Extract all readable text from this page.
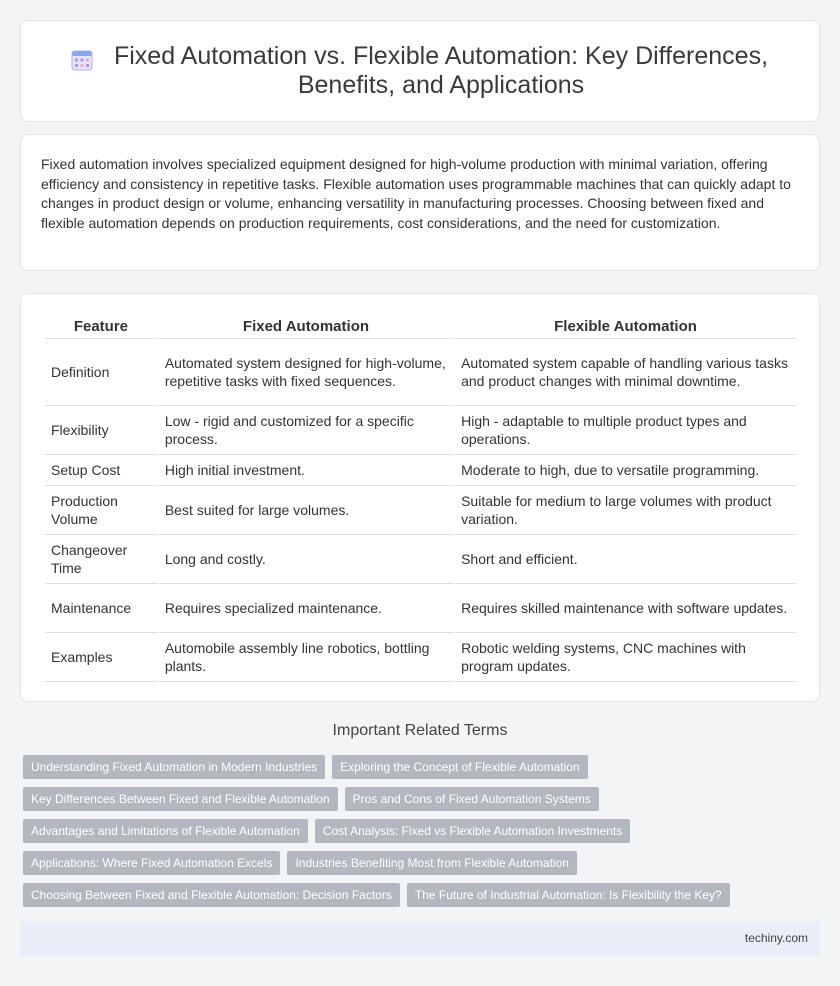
Fixed Automation vs. Flexible Automation: Key Differences, Benefits, and Applications

Fixed automation involves specialized equipment designed for high-volume production with minimal variation, offering efficiency and consistency in repetitive tasks. Flexible automation uses programmable machines that can quickly adapt to changes in product design or volume, enhancing versatility in manufacturing processes. Choosing between fixed and flexible automation depends on production requirements, cost considerations, and the need for customization.

Feature	Fixed Automation	Flexible Automation
Definition	Automated system designed for high-volume, repetitive tasks with fixed sequences.	Automated system capable of handling various tasks and product changes with minimal downtime.
Flexibility	Low - rigid and customized for a specific process.	High - adaptable to multiple product types and operations.
Setup Cost	High initial investment.	Moderate to high, due to versatile programming.
Production Volume	Best suited for large volumes.	Suitable for medium to large volumes with product variation.
Changeover Time	Long and costly.	Short and efficient.
Maintenance	Requires specialized maintenance.	Requires skilled maintenance with software updates.
Examples	Automobile assembly line robotics, bottling plants.	Robotic welding systems, CNC machines with program updates.
Important Related Terms
Understanding Fixed Automation in Modern Industries	Exploring the Concept of Flexible Automation
Key Differences Between Fixed and Flexible Automation	Pros and Cons of Fixed Automation Systems
Advantages and Limitations of Flexible Automation	Cost Analysis: Fixed vs Flexible Automation Investments
Applications: Where Fixed Automation Excels	Industries Benefiting Most from Flexible Automation
Choosing Between Fixed and Flexible Automation: Decision Factors	The Future of Industrial Automation: Is Flexibility the Key?
techiny.com
